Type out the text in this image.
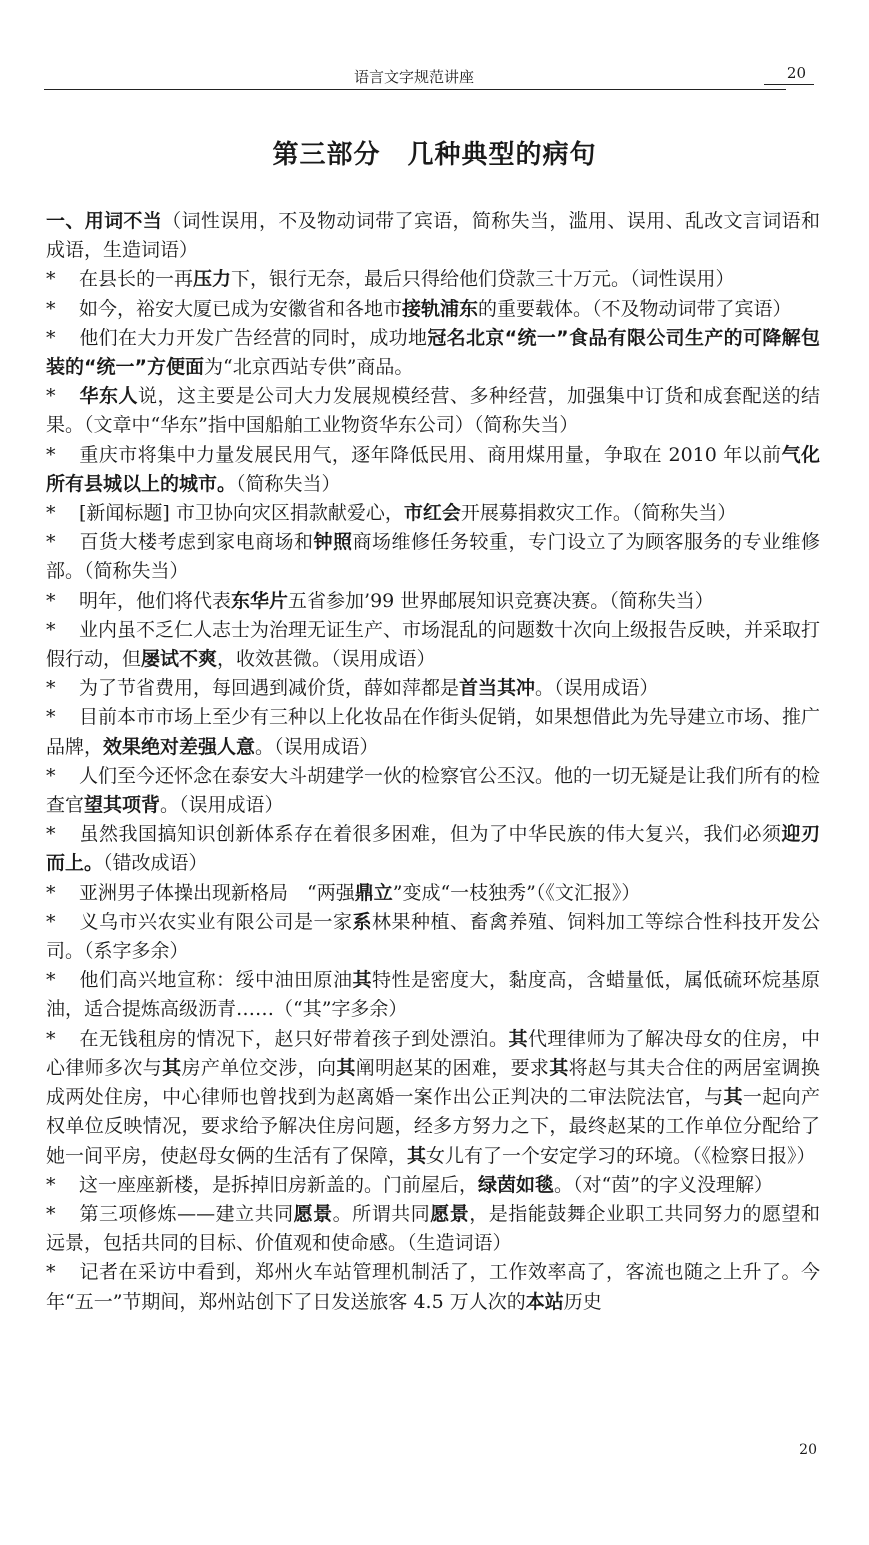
语言文字规范讲座	20
第三部分　几种典型的病句

一、用词不当（词性误用，不及物动词带了宾语，简称失当，滥用、误用、乱改文言词语和成语，生造词语）

* 在县长的一再压力下，银行无奈，最后只得给他们贷款三十万元。（词性误用）

* 如今，裕安大厦已成为安徽省和各地市接轨浦东的重要载体。（不及物动词带了宾语）

* 他们在大力开发广告经营的同时，成功地冠名北京“统一”食品有限公司生产的可降解包装的“统一”方便面为“北京西站专供”商品。

* 华东人说，这主要是公司大力发展规模经营、多种经营，加强集中订货和成套配送的结果。（文章中“华东”指中国船舶工业物资华东公司）（简称失当）

* 重庆市将集中力量发展民用气，逐年降低民用、商用煤用量，争取在 2010 年以前气化所有县城以上的城市。（简称失当）

* [新闻标题] 市卫协向灾区捐款献爱心，市红会开展募捐救灾工作。（简称失当）

* 百货大楼考虑到家电商场和钟照商场维修任务较重，专门设立了为顾客服务的专业维修部。（简称失当）

* 明年，他们将代表东华片五省参加’99 世界邮展知识竞赛决赛。（简称失当）

* 业内虽不乏仁人志士为治理无证生产、市场混乱的问题数十次向上级报告反映，并采取打假行动，但屡试不爽，收效甚微。（误用成语）

* 为了节省费用，每回遇到减价货，薛如萍都是首当其冲。（误用成语）

* 目前本市市场上至少有三种以上化妆品在作街头促销，如果想借此为先导建立市场、推广品牌，效果绝对差强人意。（误用成语）

* 人们至今还怀念在泰安大斗胡建学一伙的检察官公丕汉。他的一切无疑是让我们所有的检查官望其项背。（误用成语）

* 虽然我国搞知识创新体系存在着很多困难，但为了中华民族的伟大复兴，我们必须迎刃而上。（错改成语）

* 亚洲男子体操出现新格局　“两强鼎立”变成“一枝独秀”（《文汇报》）

* 义乌市兴农实业有限公司是一家系林果种植、畜禽养殖、饲料加工等综合性科技开发公司。（系字多余）

* 他们高兴地宣称：绥中油田原油其特性是密度大，黏度高，含蜡量低，属低硫环烷基原油，适合提炼高级沥青……（“其”字多余）

* 在无钱租房的情况下，赵只好带着孩子到处漂泊。其代理律师为了解决母女的住房，中心律师多次与其房产单位交涉，向其阐明赵某的困难，要求其将赵与其夫合住的两居室调换成两处住房，中心律师也曾找到为赵离婚一案作出公正判决的二审法院法官，与其一起向产权单位反映情况，要求给予解决住房问题，经多方努力之下，最终赵某的工作单位分配给了她一间平房，使赵母女俩的生活有了保障，其女儿有了一个安定学习的环境。（《检察日报》）

* 这一座座新楼，是拆掉旧房新盖的。门前屋后，绿茵如毯。（对“茵”的字义没理解）

* 第三项修炼——建立共同愿景。所谓共同愿景，是指能鼓舞企业职工共同努力的愿望和远景，包括共同的目标、价值观和使命感。（生造词语）

* 记者在采访中看到，郑州火车站管理机制活了，工作效率高了，客流也随之上升了。今年“五一”节期间，郑州站创下了日发送旅客 4.5 万人次的本站历史

20
